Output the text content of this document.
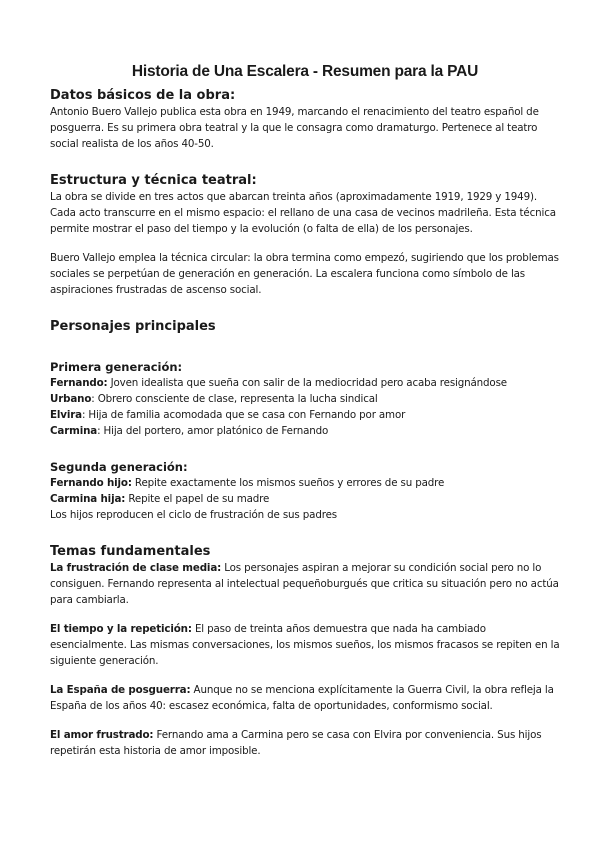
Historia de Una Escalera - Resumen para la PAU
Datos básicos de la obra:

Antonio Buero Vallejo publica esta obra en 1949, marcando el renacimiento del teatro español de posguerra. Es su primera obra teatral y la que le consagra como dramaturgo. Pertenece al teatro social realista de los años 40-50.

Estructura y técnica teatral:

La obra se divide en tres actos que abarcan treinta años (aproximadamente 1919, 1929 y 1949). Cada acto transcurre en el mismo espacio: el rellano de una casa de vecinos madrileña. Esta técnica permite mostrar el paso del tiempo y la evolución (o falta de ella) de los personajes.

Buero Vallejo emplea la técnica circular: la obra termina como empezó, sugiriendo que los problemas sociales se perpetúan de generación en generación. La escalera funciona como símbolo de las aspiraciones frustradas de ascenso social.

Personajes principales
Primera generación:
Fernando: Joven idealista que sueña con salir de la mediocridad pero acaba resignándose
Urbano: Obrero consciente de clase, representa la lucha sindical
Elvira: Hija de familia acomodada que se casa con Fernando por amor
Carmina: Hija del portero, amor platónico de Fernando
Segunda generación:
Fernando hijo: Repite exactamente los mismos sueños y errores de su padre
Carmina hija: Repite el papel de su madre
Los hijos reproducen el ciclo de frustración de sus padres
Temas fundamentales

La frustración de clase media: Los personajes aspiran a mejorar su condición social pero no lo consiguen. Fernando representa al intelectual pequeñoburgués que critica su situación pero no actúa para cambiarla.

El tiempo y la repetición: El paso de treinta años demuestra que nada ha cambiado esencialmente. Las mismas conversaciones, los mismos sueños, los mismos fracasos se repiten en la siguiente generación.

La España de posguerra: Aunque no se menciona explícitamente la Guerra Civil, la obra refleja la España de los años 40: escasez económica, falta de oportunidades, conformismo social.

El amor frustrado: Fernando ama a Carmina pero se casa con Elvira por conveniencia. Sus hijos repetirán esta historia de amor imposible.
